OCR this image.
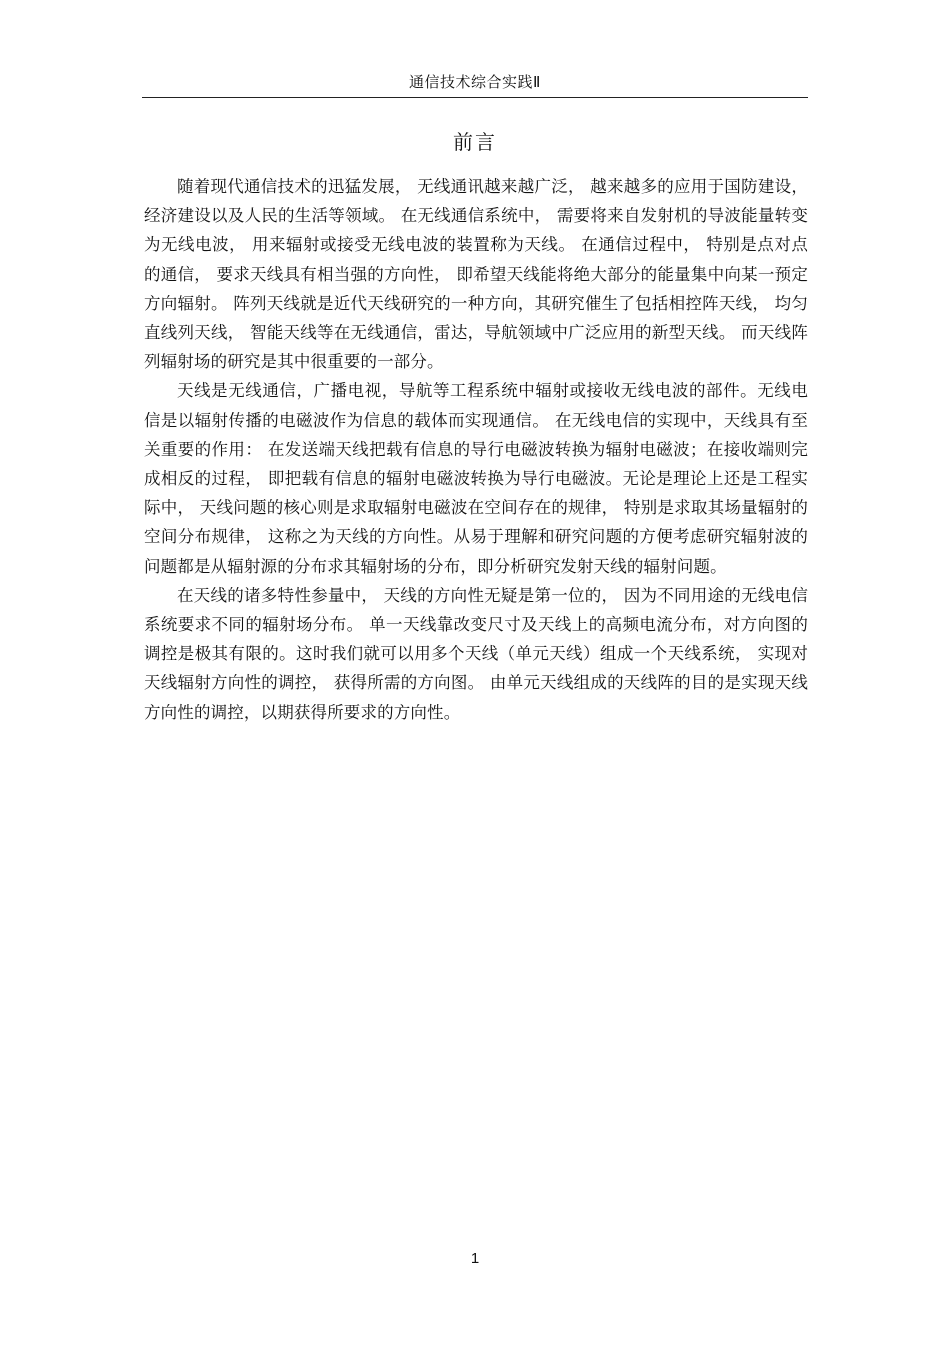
通信技术综合实践Ⅱ
前言

随着现代通信技术的迅猛发展， 无线通讯越来越广泛， 越来越多的应用于国防建设，经济建设以及人民的生活等领域。 在无线通信系统中， 需要将来自发射机的导波能量转变为无线电波， 用来辐射或接受无线电波的装置称为天线。 在通信过程中， 特别是点对点的通信， 要求天线具有相当强的方向性， 即希望天线能将绝大部分的能量集中向某一预定方向辐射。 阵列天线就是近代天线研究的一种方向，其研究催生了包括相控阵天线， 均匀直线列天线， 智能天线等在无线通信，雷达，导航领域中广泛应用的新型天线。 而天线阵列辐射场的研究是其中很重要的一部分。

天线是无线通信，广播电视，导航等工程系统中辐射或接收无线电波的部件。无线电信是以辐射传播的电磁波作为信息的载体而实现通信。 在无线电信的实现中，天线具有至关重要的作用： 在发送端天线把载有信息的导行电磁波转换为辐射电磁波；在接收端则完成相反的过程， 即把载有信息的辐射电磁波转换为导行电磁波。无论是理论上还是工程实际中， 天线问题的核心则是求取辐射电磁波在空间存在的规律， 特别是求取其场量辐射的空间分布规律， 这称之为天线的方向性。从易于理解和研究问题的方便考虑研究辐射波的问题都是从辐射源的分布求其辐射场的分布，即分析研究发射天线的辐射问题。

在天线的诸多特性参量中， 天线的方向性无疑是第一位的， 因为不同用途的无线电信系统要求不同的辐射场分布。 单一天线靠改变尺寸及天线上的高频电流分布，对方向图的调控是极其有限的。这时我们就可以用多个天线（单元天线）组成一个天线系统， 实现对天线辐射方向性的调控， 获得所需的方向图。 由单元天线组成的天线阵的目的是实现天线方向性的调控，以期获得所要求的方向性。

1
